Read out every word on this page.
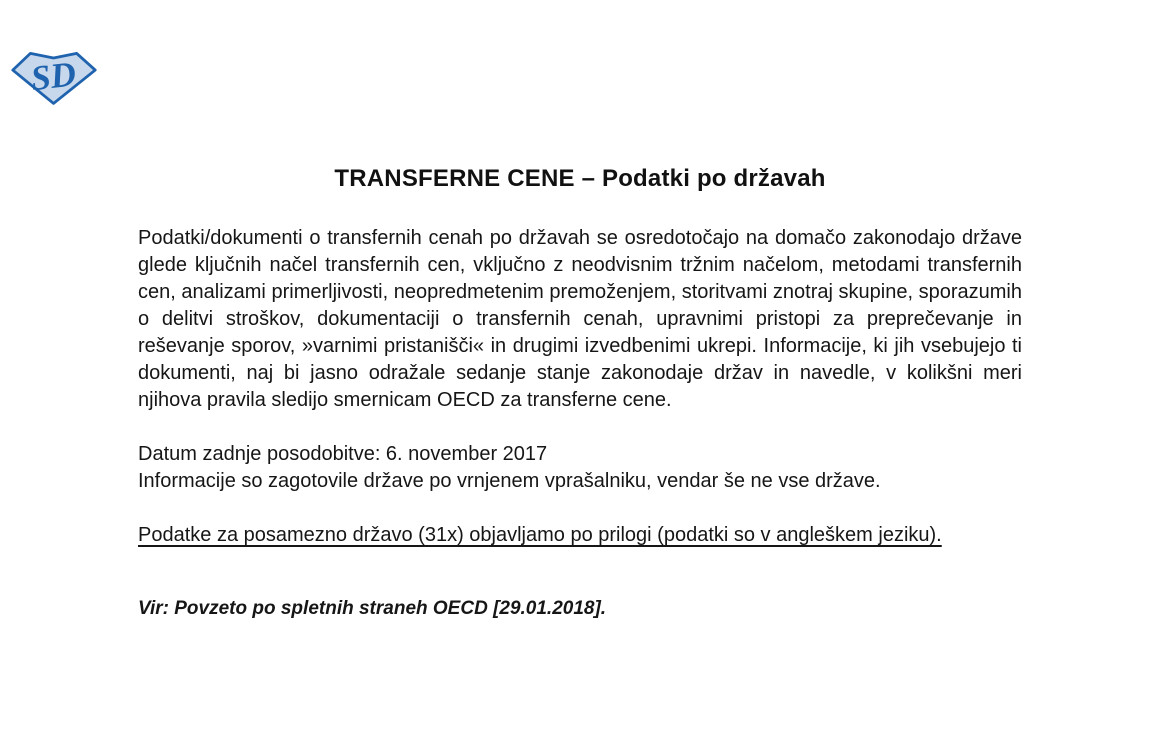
SD
TRANSFERNE CENE – Podatki po državah
Podatki/dokumenti o transfernih cenah po državah se osredotočajo na domačo zakonodajo države glede ključnih načel transfernih cen, vključno z neodvisnim tržnim načelom, metodami transfernih cen, analizami primerljivosti, neopredmetenim premoženjem, storitvami znotraj skupine, sporazumih o delitvi stroškov, dokumentaciji o transfernih cenah, upravnimi pristopi za preprečevanje in reševanje sporov, »varnimi pristanišči« in drugimi izvedbenimi ukrepi. Informacije, ki jih vsebujejo ti dokumenti, naj bi jasno odražale sedanje stanje zakonodaje držav in navedle, v kolikšni meri njihova pravila sledijo smernicam OECD za transferne cene.
Datum zadnje posodobitve: 6. november 2017
Informacije so zagotovile države po vrnjenem vprašalniku, vendar še ne vse države.
Podatke za posamezno državo (31x) objavljamo po prilogi (podatki so v angleškem jeziku).
Vir: Povzeto po spletnih straneh OECD [29.01.2018].
